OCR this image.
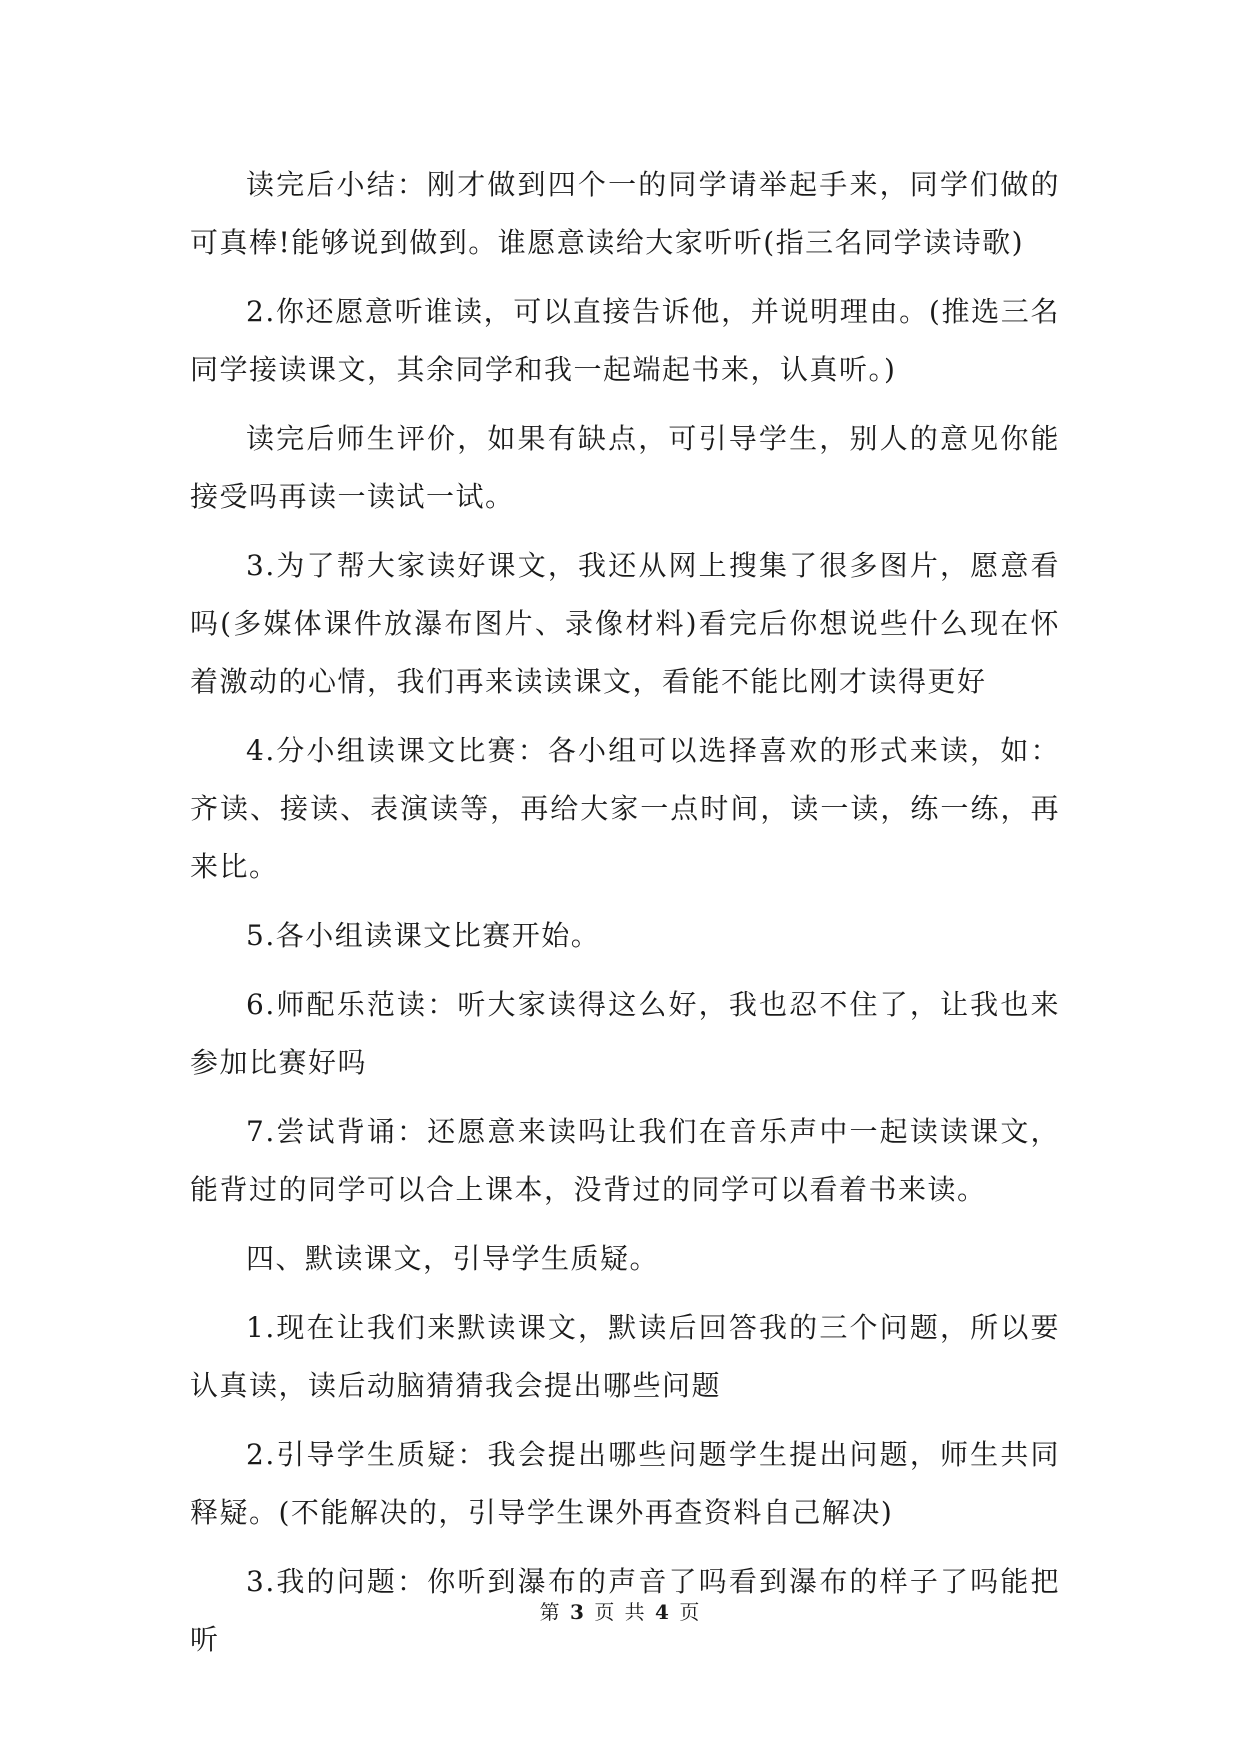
读完后小结：刚才做到四个一的同学请举起手来，同学们做的可真棒!能够说到做到。谁愿意读给大家听听(指三名同学读诗歌)

2.你还愿意听谁读，可以直接告诉他，并说明理由。(推选三名同学接读课文，其余同学和我一起端起书来，认真听。)

读完后师生评价，如果有缺点，可引导学生，别人的意见你能接受吗再读一读试一试。

3.为了帮大家读好课文，我还从网上搜集了很多图片，愿意看吗(多媒体课件放瀑布图片、录像材料)看完后你想说些什么现在怀着激动的心情，我们再来读读课文，看能不能比刚才读得更好

4.分小组读课文比赛：各小组可以选择喜欢的形式来读，如：齐读、接读、表演读等，再给大家一点时间，读一读，练一练，再来比。

5.各小组读课文比赛开始。

6.师配乐范读：听大家读得这么好，我也忍不住了，让我也来参加比赛好吗

7.尝试背诵：还愿意来读吗让我们在音乐声中一起读读课文，能背过的同学可以合上课本，没背过的同学可以看着书来读。

四、默读课文，引导学生质疑。

1.现在让我们来默读课文，默读后回答我的三个问题，所以要认真读，读后动脑猜猜我会提出哪些问题

2.引导学生质疑：我会提出哪些问题学生提出问题，师生共同释疑。(不能解决的，引导学生课外再查资料自己解决)

3.我的问题：你听到瀑布的声音了吗看到瀑布的样子了吗能把听

第 3 页 共 4 页
